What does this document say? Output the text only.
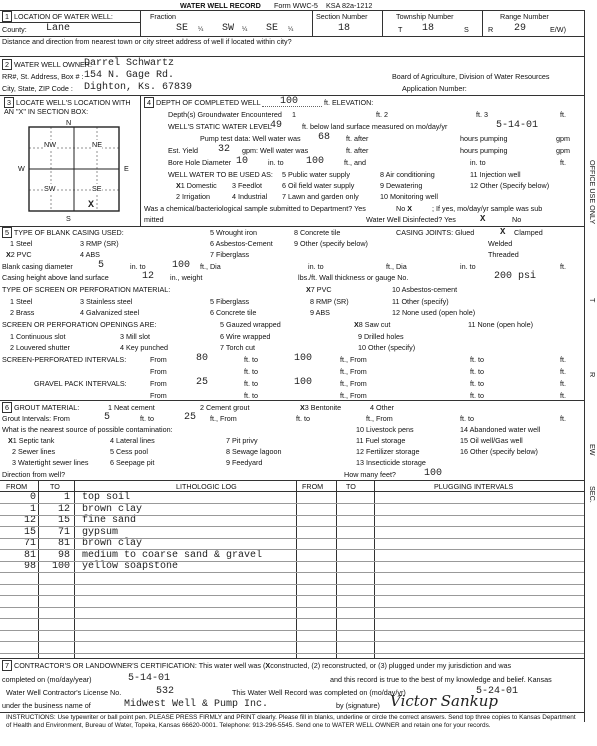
WATER WELL RECORD Form WWC-5 KSA 82a-1212
1 LOCATION OF WATER WELL:	Fraction	Section Number	Township Number	Range Number
County: Lane	SE ¼ SW ¼ SE ¼	18	T 18	S	R 29	E/W)
Distance and direction from nearest town or city street address of well if located within city?
2 WATER WELL OWNER:
Darrel Schwartz
RR#, St. Address, Box # : 154 N. Gage Rd.	Board of Agriculture, Division of Water Resources
City, State, ZIP Code : Dighton, Ks. 67839	Application Number:
3 LOCATE WELL'S LOCATION WITH AN "X" IN SECTION BOX:
N
S
W	E
NW	NE
SW	SE
X
4 DEPTH OF COMPLETED WELL 100	ft. ELEVATION:
Depth(s) Groundwater Encountered 1	ft. 2	ft. 3	ft.
WELL'S STATIC WATER LEVEL
49	ft. below land surface measured on mo/day/yr	5-14-01
Pump test data: Well water was 68 ft. after	hours pumping	gpm
Est. Yield 32 gpm: Well water was	ft. after	hours pumping	gpm
Bore Hole Diameter 10	in. to 100	ft., and	in. to	ft.
WELL WATER TO BE USED AS: 5 Public water supply	8 Air conditioning	11 Injection well
X1 Domestic 3 Feedlot	6 Oil field water supply	9 Dewatering	12 Other (Specify below)
2 Irrigation	4 Industrial 7 Lawn and garden only	10 Monitoring well
Was a chemical/bacteriological sample submitted to Department? Yes	No X	; If yes, mo/day/yr sample was sub
mitted	Water Well Disinfected? Yes	X	No
5 TYPE OF BLANK CASING USED:	5 Wrought iron	8 Concrete tile	CASING JOINTS: Glued	X Clamped
1 Steel	3 RMP (SR)	6 Asbestos-Cement	9 Other (specify below)	Welded
X2 PVC	4 ABS	7 Fiberglass	Threaded
Blank casing diameter	5	in. to	100 ft., Dia	in. to	ft., Dia	in. to	ft.
Casing height above land surface	12 in., weight	lbs./ft. Wall thickness or gauge No.	200 psi
TYPE OF SCREEN OR PERFORATION MATERIAL:	X7 PVC	10 Asbestos-cement
1 Steel	3 Stainless steel	5 Fiberglass	8 RMP (SR)	11 Other (specify)
2 Brass	4 Galvanized steel	6 Concrete tile	9 ABS	12 None used (open hole)
SCREEN OR PERFORATION OPENINGS ARE:	5 Gauzed wrapped	X8 Saw cut	11 None (open hole)
1 Continuous slot	3 Mill slot	6 Wire wrapped	9 Drilled holes
2 Louvered shutter	4 Key punched	7 Torch cut	10 Other (specify)
SCREEN-PERFORATED INTERVALS:	From	80	ft. to	100	ft., From	ft. to	ft.
From	ft. to	ft., From	ft. to	ft.
GRAVEL PACK INTERVALS:	From	25	ft. to	100	ft., From	ft. to	ft.
From	ft. to	ft., From	ft. to	ft.
6 GROUT MATERIAL:	1 Neat cement	2 Cement grout	X3 Bentonite	4 Other
Grout Intervals: From	5	ft. to	25 ft., From	ft. to	ft., From	ft. to	ft.
What is the nearest source of possible contamination:	10 Livestock pens	14 Abandoned water well
X1 Septic tank	4 Lateral lines	7 Pit privy	11 Fuel storage	15 Oil well/Gas well
2 Sewer lines	5 Cess pool	8 Sewage lagoon	12 Fertilizer storage	16 Other (specify below)
3 Watertight sewer lines	6 Seepage pit	9 Feedyard	13 Insecticide storage
Direction from well?	How many feet?	100
FROM	TO	LITHOLOGIC LOG	FROM	TO	PLUGGING INTERVALS
0	1 top soil
1	12 brown clay
12	15 fine sand
15	71 gypsum
71	81 brown clay
81	98 medium to coarse sand & gravel
98	100 yellow soapstone
7 CONTRACTOR'S OR LANDOWNER'S CERTIFICATION: This water well was (Xconstructed, (2) reconstructed, or (3) plugged under my jurisdiction and was
completed on (mo/day/year)	5-14-01	and this record is true to the best of my knowledge and belief. Kansas
Water Well Contractor's License No.	532	This Water Well Record was completed on (mo/day/yr)	5-24-01
under the business name of	Midwest Well & Pump Inc.	by (signature) Victor Sankup
INSTRUCTIONS: Use typewriter or ball point pen. PLEASE PRESS FIRMLY and PRINT clearly. Please fill in blanks, underline or circle the correct answers. Send top three copies to Kansas Department
of Health and Environment, Bureau of Water, Topeka, Kansas 66620-0001. Telephone: 913-296-5545. Send one to WATER WELL OWNER and retain one for your records.
OFFICE USE ONLY
T
R
EW
SEC.
